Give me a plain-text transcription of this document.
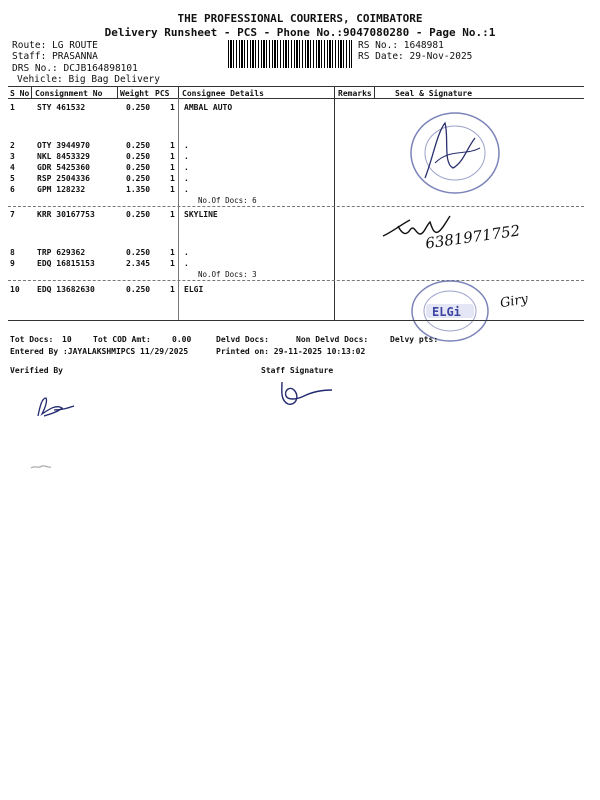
THE PROFESSIONAL COURIERS, COIMBATORE
Delivery Runsheet - PCS - Phone No.:9047080280 - Page No.:1
Route: LG ROUTE
Staff: PRASANNA
DRS No.: DCJB164898101
Vehicle: Big Bag Delivery
RS No.: 1648981
RS Date: 29-Nov-2025
S No Consignment No Weight PCS Consignee Details	Remarks	Seal & Signature
1	STY 461532	0.250 1 AMBAL AUTO
2	OTY 3944970	0.250 1 .
3	NKL 8453329	0.250 1 .
4	GDR 5425360	0.250 1 .
5	RSP 2504336	0.250 1 .
6	GPM 128232	1.350 1 .
No.Of Docs: 6
7	KRR 30167753	0.250 1 SKYLINE
8	TRP 629362	0.250 1 .
9	EDQ 16815153	2.345 1 .
No.Of Docs: 3
10 EDQ 13682630	0.250 1 ELGI
6381971752
ELGi
Giry
Tot Docs: 10	Tot COD Amt:	0.00	Delvd Docs:	Non Delvd Docs:	Delvy pts:
Entered By :JAYALAKSHMIPCS 11/29/2025	Printed on: 29-11-2025 10:13:02
Verified By	Staff Signature
